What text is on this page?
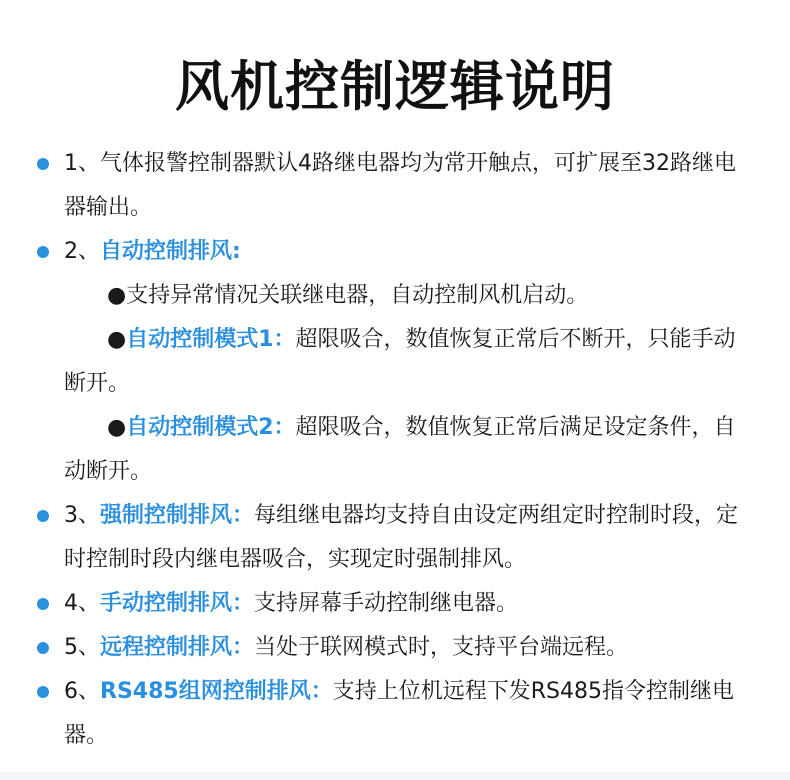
风机控制逻辑说明
1、气体报警控制器默认4路继电器均为常开触点，可扩展至32路继电器输出。
2、自动控制排风:
●支持异常情况关联继电器，自动控制风机启动。
●自动控制模式1：超限吸合，数值恢复正常后不断开，只能手动断开。
●自动控制模式2：超限吸合，数值恢复正常后满足设定条件，自动断开。
3、强制控制排风：每组继电器均支持自由设定两组定时控制时段，定时控制时段内继电器吸合，实现定时强制排风。
4、手动控制排风：支持屏幕手动控制继电器。
5、远程控制排风：当处于联网模式时，支持平台端远程。
6、RS485组网控制排风：支持上位机远程下发RS485指令控制继电器。
